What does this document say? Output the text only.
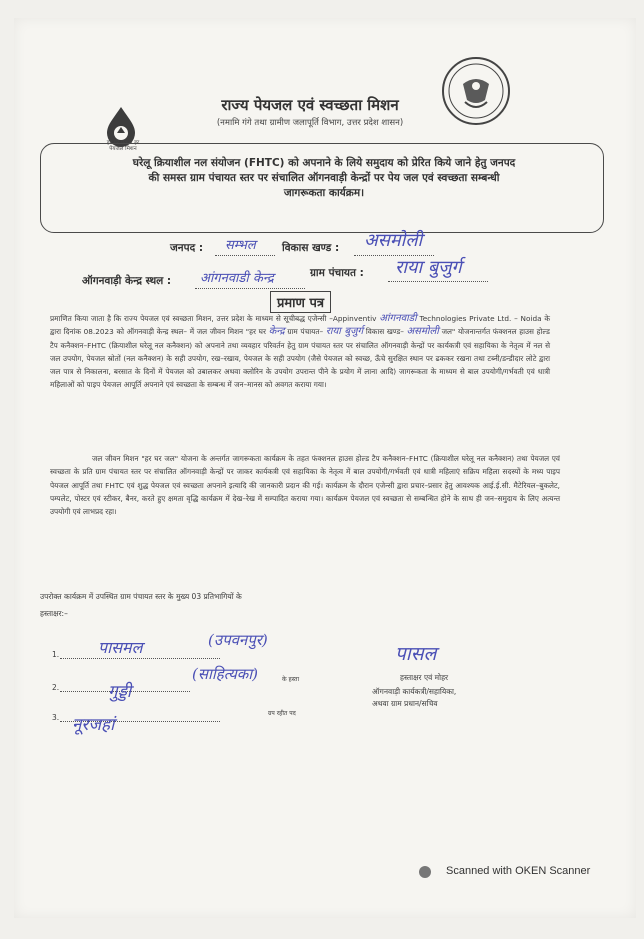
हर घर प्रयास हर पेयजल मिशन
राज्य पेयजल एवं स्वच्छता मिशन
(नमामि गंगे तथा ग्रामीण जलापूर्ति विभाग, उत्तर प्रदेश शासन)
घरेलू क्रियाशील नल संयोजन (FHTC) को अपनाने के लिये समुदाय को प्रेरित किये जाने हेतु जनपद
की समस्त ग्राम पंचायत स्तर पर संचालित ऑगनवाड़ी केन्द्रों पर पेय जल एवं स्वच्छता सम्बन्धी
जागरूकता कार्यक्रम।
जनपद : सम्भल	विकास खण्ड : असमोली
ऑगनवाड़ी केन्द्र स्थल : आंगनवाडी केन्द्र	ग्राम पंचायत : राया बुजुर्ग
प्रमाण पत्र
प्रमाणित किया जाता है कि राज्य पेयजल एवं स्वच्छता मिशन, उत्तर प्रदेश के माध्यम से सूचीबद्ध एजेन्सी –Appinventiv आंगनवाडी Technologies Private Ltd. – Noida के द्वारा दिनांक 08.2023 को ऑगनवाड़ी केन्द्र स्थल– में जल जीवन मिशन "हर घर केन्द्र ग्राम पंचायत– राया बुजुर्ग विकास खण्ड– असमोली जल" योजनान्तर्गत फंक्शनल हाउस होल्ड टैप कनैक्शन–FHTC (क्रियाशील घरेलू नल कनैक्शन) को अपनाने तथा व्यवहार परिवर्तन हेतु ग्राम पंचायत स्तर पर संचालित ऑगनवाड़ी केन्द्रों पर कार्यकत्री एवं सहायिका के नेतृत्व में नल से जल उपयोग, पेयजल स्रोतों (नल कनैक्शन) के सही उपयोग, रख–रखाव, पेयजल के सही उपयोग (जैसे पेयजल को स्वच्छ, ऊँचे सुरक्षित स्थान पर ढककर रखना तथा टब्नी/डन्डीदार लोटे द्वारा जल पात्र से निकालना, बरसात के दिनों में पेयजल को उबालकर अथवा क्लोरिन के उपयोग उपरान्त पीने के प्रयोग में लाना आदि) जागरूकता के माध्यम से बाल उपयोगी/गर्भवती एवं धात्री महिलाओं को पाइप पेयजल आपूर्ति अपनाने एवं स्वच्छता के सम्बन्ध में जन–मानस को अवगत कराया गया।
जल जीवन मिशन "हर घर जल" योजना के अन्तर्गत जागरूकता कार्यक्रम के तहत फंक्शनल हाउस होल्ड टैप कनैक्शन–FHTC (क्रियाशील घरेलू नल कनैक्शन) तथा पेयजल एवं स्वच्छता के प्रति ग्राम पंचायत स्तर पर संचालित ऑगनवाड़ी केन्द्रों पर जाकर कार्यकत्री एवं सहायिका के नेतृत्व में बाल उपयोगी/गर्भवती एवं धात्री महिलाएं सक्रिय महिला सदस्यों के मध्य पाइप पेयजल आपूर्ति तथा FHTC एवं शुद्ध पेयजल एवं स्वच्छता अपनाने इत्यादि की जानकारी प्रदान की गई। कार्यक्रम के दौरान एजेन्सी द्वारा प्रचार–प्रसार हेतु आवश्यक आई.ई.सी. मैटेरियल–बुकलेट, पम्पलेट, पोस्टर एवं स्टीकर, बैनर, करते हुए क्षमता वृद्धि कार्यक्रम में देख–रेख में सम्पादित कराया गया। कार्यक्रम पेयजल एवं स्वच्छता से सम्बन्धित होने के साथ ही जन–समुदाय के लिए अत्यन्त उपयोगी एवं लाभप्रद रहा।
उपरोक्त कार्यक्रम में उपस्थित ग्राम पंचायत स्तर के मुख्य 03 प्रतिभागियों के
हस्ताक्षर:–
1. पासमल	(उपवनपुर)
2.	गुड्डी
(साहित्यका)	के हस्ता
3. नूरजहां
ग्रप रहीत पद
पासल
हस्ताक्षर एवं मोहर
ऑगनवाड़ी कार्यकत्री/सहायिका,
अथवा ग्राम प्रधान/सचिव
Scanned with OKEN Scanner
